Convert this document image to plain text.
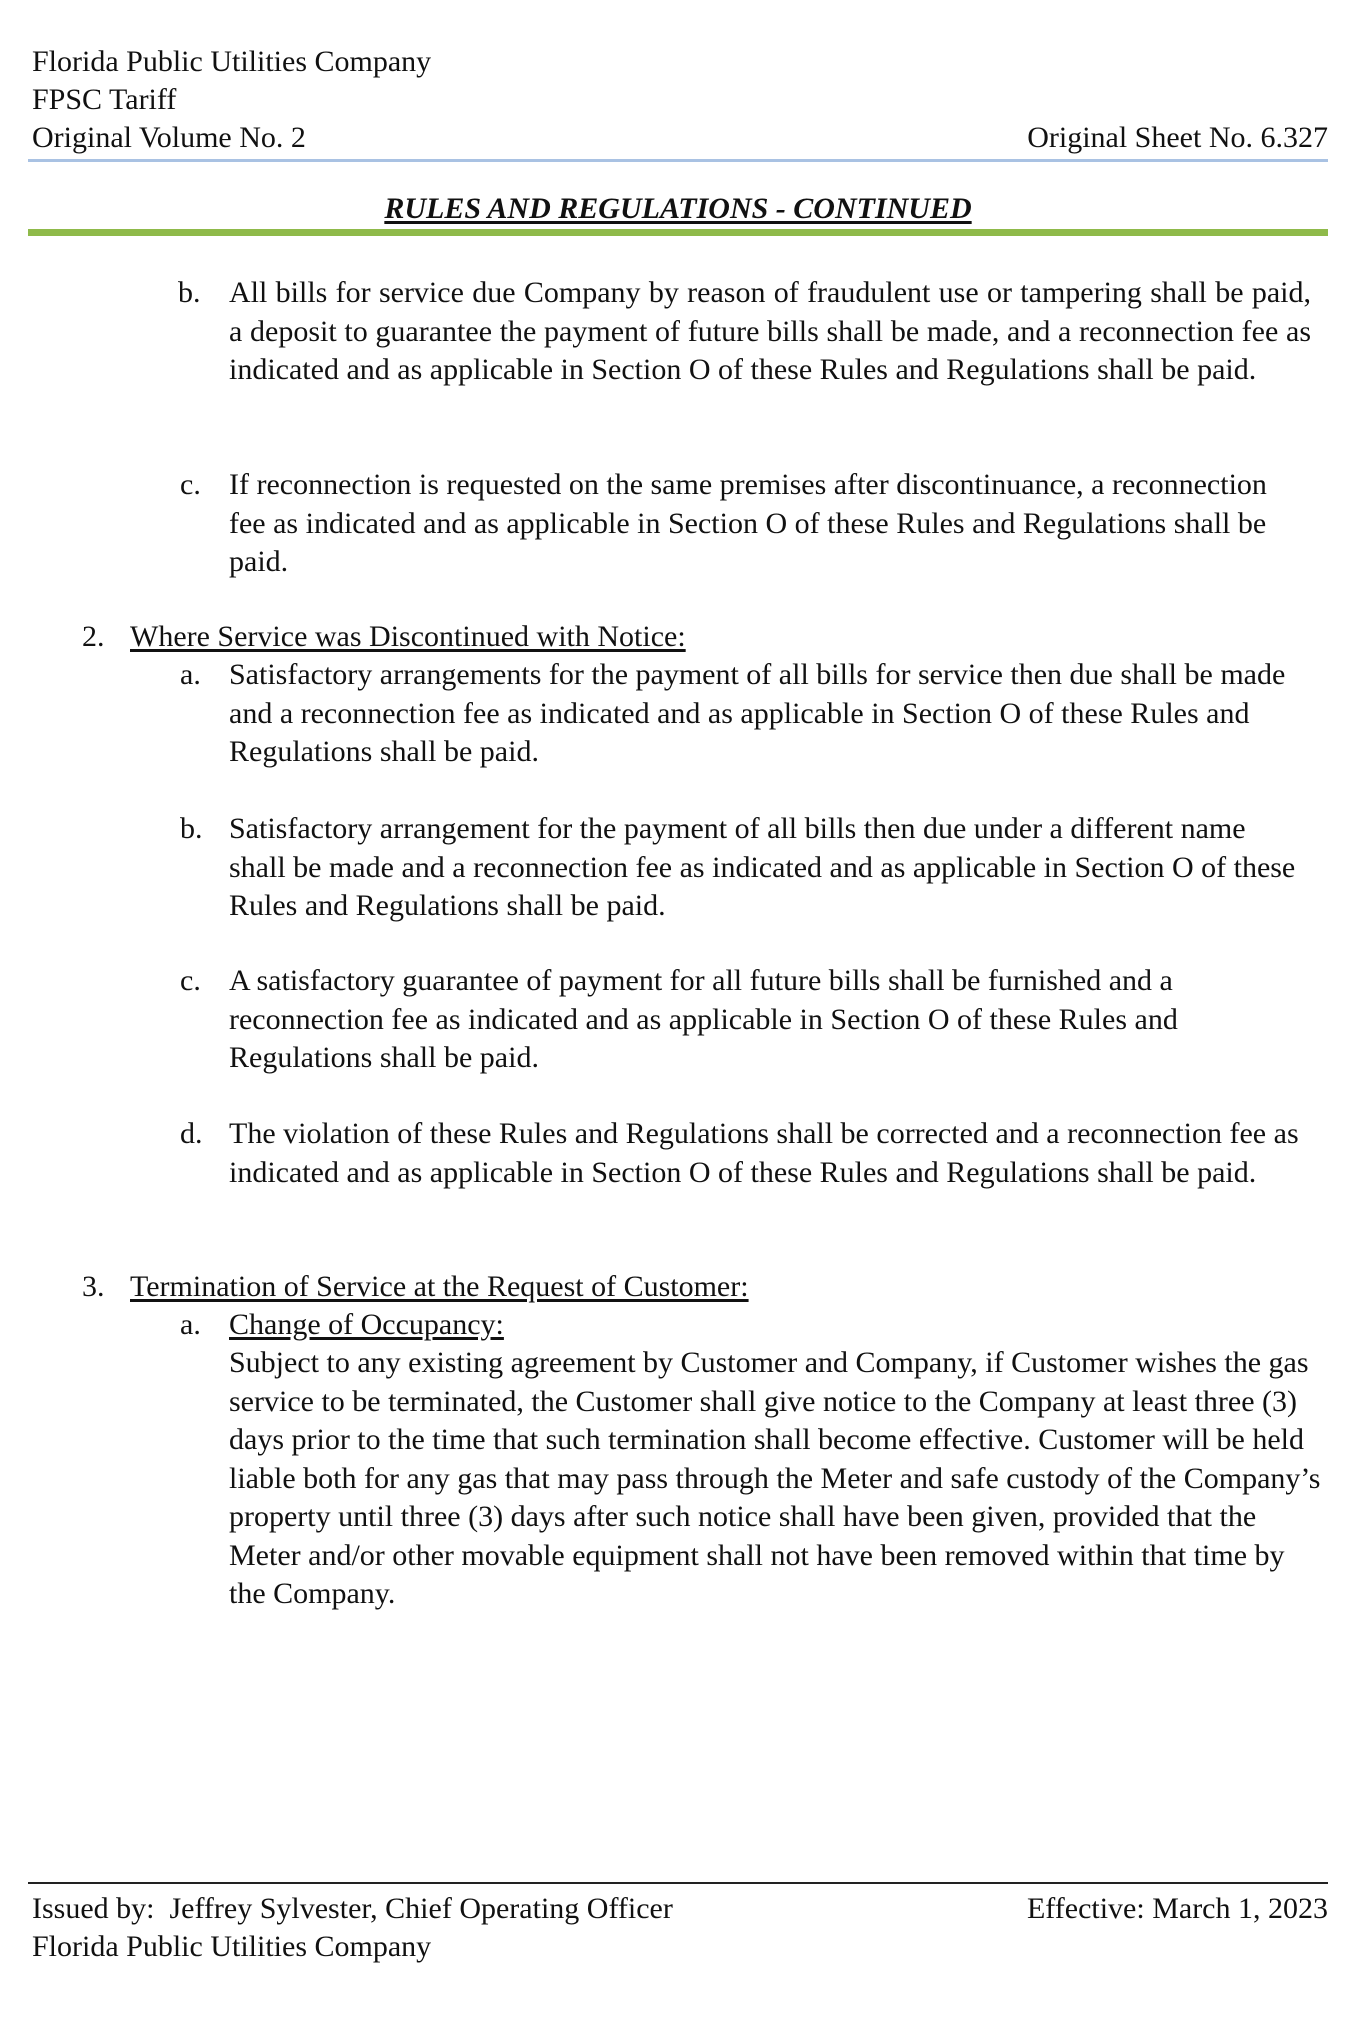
Florida Public Utilities Company
FPSC Tariff
Original Volume No. 2	Original Sheet No. 6.327
RULES AND REGULATIONS - CONTINUED
b. All bills for service due Company by reason of fraudulent use or tampering shall be paid, a deposit to guarantee the payment of future bills shall be made, and a reconnection fee as indicated and as applicable in Section O of these Rules and Regulations shall be paid.
c. If reconnection is requested on the same premises after discontinuance, a reconnection   fee as indicated and as applicable in Section O of these Rules and Regulations shall be paid.
2. Where Service was Discontinued with Notice:
a. Satisfactory arrangements for the payment of all bills for service then due shall be made and a reconnection fee as indicated and as applicable in Section O of these Rules and Regulations shall be paid.
b. Satisfactory arrangement for the payment of all bills then due under a different name shall be made and a reconnection fee as indicated and as applicable in Section O of these Rules and Regulations shall be paid.
c. A satisfactory guarantee of payment for all future bills shall be furnished and a reconnection fee as indicated and as applicable in Section O of these Rules and Regulations shall be paid.
d. The violation of these Rules and Regulations shall be corrected and a reconnection fee as indicated and as applicable in Section O of these Rules and Regulations shall be paid.
3. Termination of Service at the Request of Customer:
a. Change of Occupancy:
Subject to any existing agreement by Customer and Company, if Customer wishes the gas service to be terminated, the Customer shall give notice to the Company at least three (3) days prior to the time that such termination shall become effective. Customer will be held liable both for any gas that may pass through the Meter and safe custody of the Company’s property until three (3) days after such notice shall have been given, provided that the Meter and/or other movable equipment shall not have been removed within that time by the Company.
Issued by:  Jeffrey Sylvester, Chief Operating Officer
Florida Public Utilities Company
Effective: March 1, 2023
